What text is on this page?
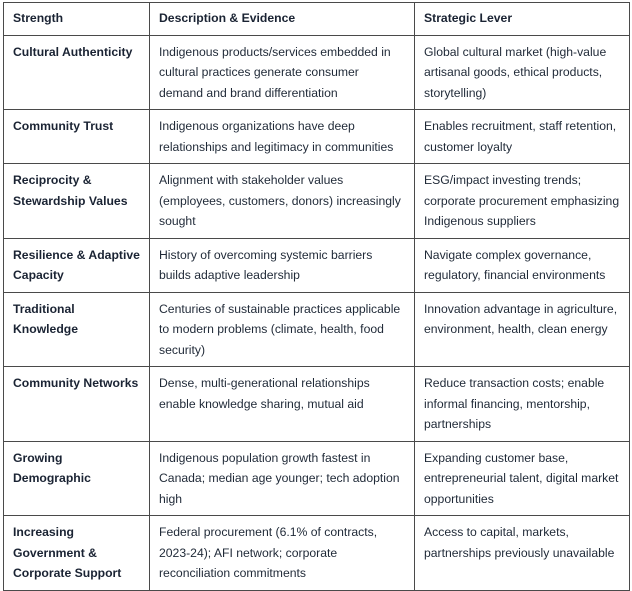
Strength	Description & Evidence	Strategic Lever
Cultural Authenticity	Indigenous products/services embedded in cultural practices generate consumer demand and brand differentiation	Global cultural market (high-value artisanal goods, ethical products, storytelling)
Community Trust	Indigenous organizations have deep relationships and legitimacy in communities	Enables recruitment, staff retention, customer loyalty
Reciprocity & Stewardship Values	Alignment with stakeholder values (employees, customers, donors) increasingly sought	ESG/impact investing trends; corporate procurement emphasizing Indigenous suppliers
Resilience & Adaptive Capacity	History of overcoming systemic barriers builds adaptive leadership	Navigate complex governance, regulatory, financial environments
Traditional Knowledge	Centuries of sustainable practices applicable to modern problems (climate, health, food security)	Innovation advantage in agriculture, environment, health, clean energy
Community Networks	Dense, multi-generational relationships enable knowledge sharing, mutual aid	Reduce transaction costs; enable informal financing, mentorship, partnerships
Growing Demographic	Indigenous population growth fastest in Canada; median age younger; tech adoption high	Expanding customer base, entrepreneurial talent, digital market opportunities
Increasing Government & Corporate Support	Federal procurement (6.1% of contracts, 2023-24); AFI network; corporate reconciliation commitments	Access to capital, markets, partnerships previously unavailable
